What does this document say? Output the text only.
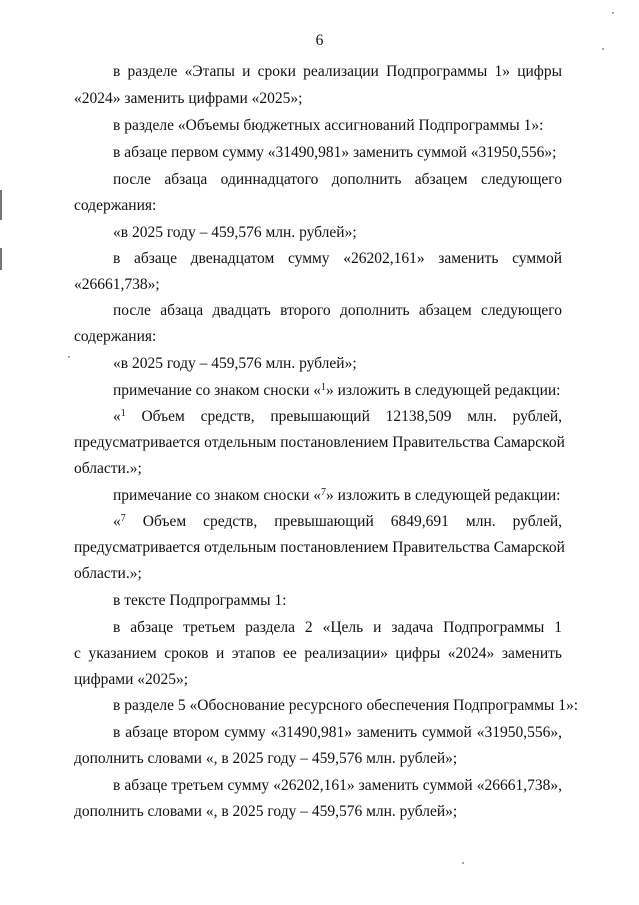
6
в разделе «Этапы и сроки реализации Подпрограммы 1» цифры
«2024» заменить цифрами «2025»;
в разделе «Объемы бюджетных ассигнований Подпрограммы 1»:
в абзаце первом сумму «31490,981» заменить суммой «31950,556»;
после абзаца одиннадцатого дополнить абзацем следующего
содержания:
«в 2025 году – 459,576 млн. рублей»;
в абзаце двенадцатом сумму «26202,161» заменить суммой
«26661,738»;
после абзаца двадцать второго дополнить абзацем следующего
содержания:
«в 2025 году – 459,576 млн. рублей»;
примечание со знаком сноски «$^1$» изложить в следующей редакции:
«$^1$ Объем средств, превышающий 12138,509 млн. рублей,
предусматривается отдельным постановлением Правительства Самарской
области.»;
примечание со знаком сноски «$^7$» изложить в следующей редакции:
«$^7$ Объем средств, превышающий 6849,691 млн. рублей,
предусматривается отдельным постановлением Правительства Самарской
области.»;
в тексте Подпрограммы 1:
в абзаце третьем раздела 2 «Цель и задача Подпрограммы 1
с указанием сроков и этапов ее реализации» цифры «2024» заменить
цифрами «2025»;
в разделе 5 «Обоснование ресурсного обеспечения Подпрограммы 1»:
в абзаце втором сумму «31490,981» заменить суммой «31950,556»,
дополнить словами «, в 2025 году – 459,576 млн. рублей»;
в абзаце третьем сумму «26202,161» заменить суммой «26661,738»,
дополнить словами «, в 2025 году – 459,576 млн. рублей»;
